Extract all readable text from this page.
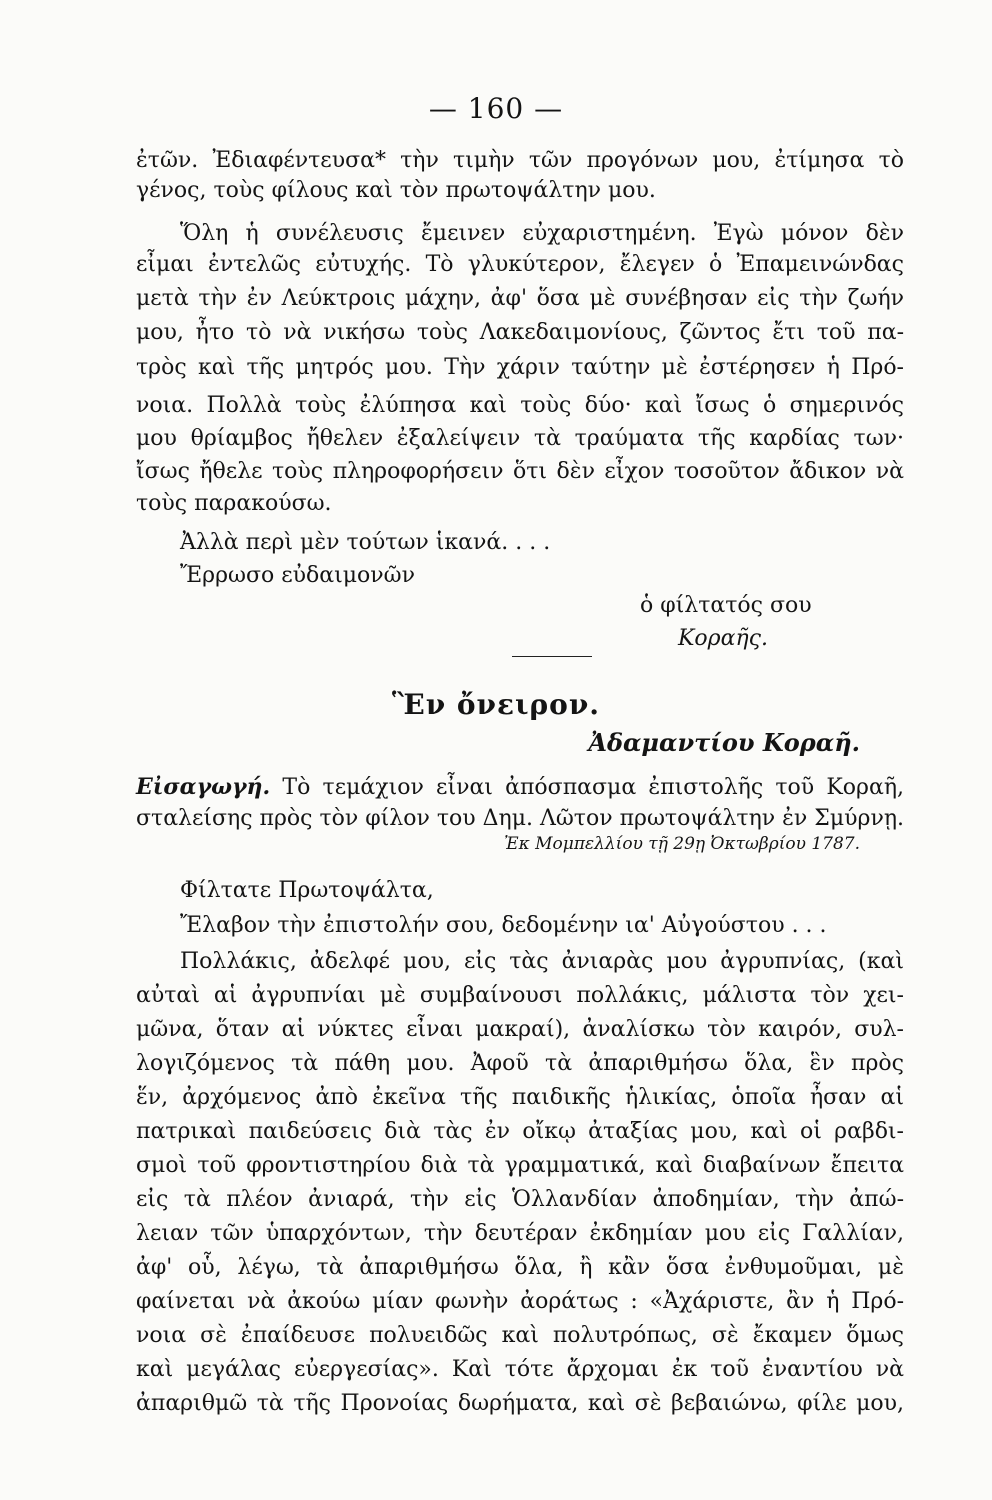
— 160 —
ἐτῶν. Ἐδιαφέντευσα* τὴν τιμὴν τῶν προγόνων μου, ἐτίμησα τὸ
γένος, τοὺς φίλους καὶ τὸν πρωτοψάλτην μου.
Ὅλη ἡ συνέλευσις ἔμεινεν εὐχαριστημένη. Ἐγὼ μόνον δὲν
εἶμαι ἐντελῶς εὐτυχής. Τὸ γλυκύτερον, ἔλεγεν ὁ Ἐπαμεινώνδας
μετὰ τὴν ἐν Λεύκτροις μάχην, ἀφ' ὅσα μὲ συνέβησαν εἰς τὴν ζωήν
μου, ἦτο τὸ νὰ νικήσω τοὺς Λακεδαιμονίους, ζῶντος ἔτι τοῦ πα-
τρὸς καὶ τῆς μητρός μου. Τὴν χάριν ταύτην μὲ ἐστέρησεν ἡ Πρό-
νοια. Πολλὰ τοὺς ἐλύπησα καὶ τοὺς δύο· καὶ ἴσως ὁ σημερινός
μου θρίαμβος ἤθελεν ἐξαλείψειν τὰ τραύματα τῆς καρδίας των·
ἴσως ἤθελε τοὺς πληροφορήσειν ὅτι δὲν εἶχον τοσοῦτον ἄδικον νὰ
τοὺς παρακούσω.
Ἀλλὰ περὶ μὲν τούτων ἱκανά. . . .
Ἔρρωσο εὐδαιμονῶν
ὁ φίλτατός σου
Κοραῆς.
Ἓν ὄνειρον.
Ἀδαμαντίου Κοραῆ.
Εἰσαγωγή. Τὸ τεμάχιον εἶναι ἀπόσπασμα ἐπιστολῆς τοῦ Κοραῆ,
σταλείσης πρὸς τὸν φίλον του Δημ. Λῶτον πρωτοψάλτην ἐν Σμύρνῃ.
Ἐκ Μομπελλίου τῇ 29ῃ Ὀκτωβρίου 1787.
Φίλτατε Πρωτοψάλτα,
Ἔλαβον τὴν ἐπιστολήν σου, δεδομένην ια' Αὐγούστου . . .
Πολλάκις, ἀδελφέ μου, εἰς τὰς ἀνιαρὰς μου ἀγρυπνίας, (καὶ
αὐταὶ αἱ ἀγρυπνίαι μὲ συμβαίνουσι πολλάκις, μάλιστα τὸν χει-
μῶνα, ὅταν αἱ νύκτες εἶναι μακραί), ἀναλίσκω τὸν καιρόν, συλ-
λογιζόμενος τὰ πάθη μου. Ἀφοῦ τὰ ἀπαριθμήσω ὅλα, ἓν πρὸς
ἕν, ἀρχόμενος ἀπὸ ἐκεῖνα τῆς παιδικῆς ἡλικίας, ὁποῖα ἦσαν αἱ
πατρικαὶ παιδεύσεις διὰ τὰς ἐν οἴκῳ ἀταξίας μου, καὶ οἱ ραβδι-
σμοὶ τοῦ φροντιστηρίου διὰ τὰ γραμματικά, καὶ διαβαίνων ἔπειτα
εἰς τὰ πλέον ἀνιαρά, τὴν εἰς Ὁλλανδίαν ἀποδημίαν, τὴν ἀπώ-
λειαν τῶν ὑπαρχόντων, τὴν δευτέραν ἐκδημίαν μου εἰς Γαλλίαν,
ἀφ' οὗ, λέγω, τὰ ἀπαριθμήσω ὅλα, ἢ κἂν ὅσα ἐνθυμοῦμαι, μὲ
φαίνεται νὰ ἀκούω μίαν φωνὴν ἀοράτως : «Ἀχάριστε, ἂν ἡ Πρό-
νοια σὲ ἐπαίδευσε πολυειδῶς καὶ πολυτρόπως, σὲ ἔκαμεν ὅμως
καὶ μεγάλας εὐεργεσίας». Καὶ τότε ἄρχομαι ἐκ τοῦ ἐναντίου νὰ
ἀπαριθμῶ τὰ τῆς Προνοίας δωρήματα, καὶ σὲ βεβαιώνω, φίλε μου,
